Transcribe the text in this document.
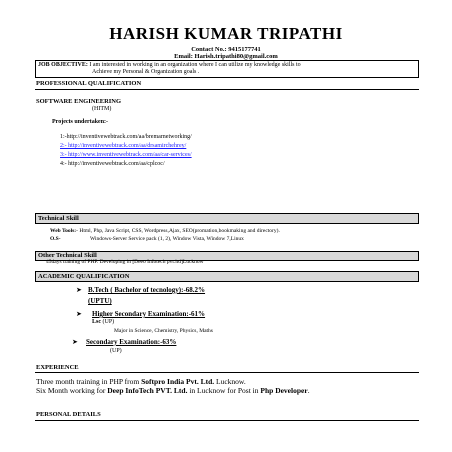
HARISH KUMAR TRIPATHI
Contact No.: 9415177741
Email: Harish.tripathi80@gmail.com
JOB OBJECTIVE: I am interested in working in an organization where I can utilize my knowledge skills to
Achieve my Personal & Organization goals .
PROFESSIONAL QUALIFICATION
SOFTWARE ENGINEERING
(HITM)
Projects undertaken:-
1:-http://inventivewebtrack.com/aa/bremarnetworking/
2:- http://inventivewebtrack.com/aa/drsamirchehrey/
3:- http://www.inventivewebtrack.com/aa/car-services/
4:- http://inventivewebtrack.com/aa/cplcoc/
Technical Skill
Web Tools:- Html, Php, Java Script, CSS, Wordpress,Ajax, SEO(promation,bookmaking and directory).
O.S-	Windows-Server Service pack (1, 2), Window Vista, Window 7,Linux
Other Technical Skill
45days training of PHP. Developing in [Deeo Infotech pvt.ltd]Lucknow
ACADEMIC QUALIFICATION
➤ B.Tech ( Bachelor of tecnology):-68.2%
(UPTU)
➤ Higher Secondary Examination:-61%
Lsc (UP)
Major in Science, Chemistry, Physics, Maths
➤ Secondary Examination:-63%
(UP)
EXPERIENCE
Three month training in PHP from Softpro India Pvt. Ltd. Lucknow.
Six Month working for Deep InfoTech PVT. Ltd. in Lucknow for Post in Php Developer.
PERSONAL DETAILS
